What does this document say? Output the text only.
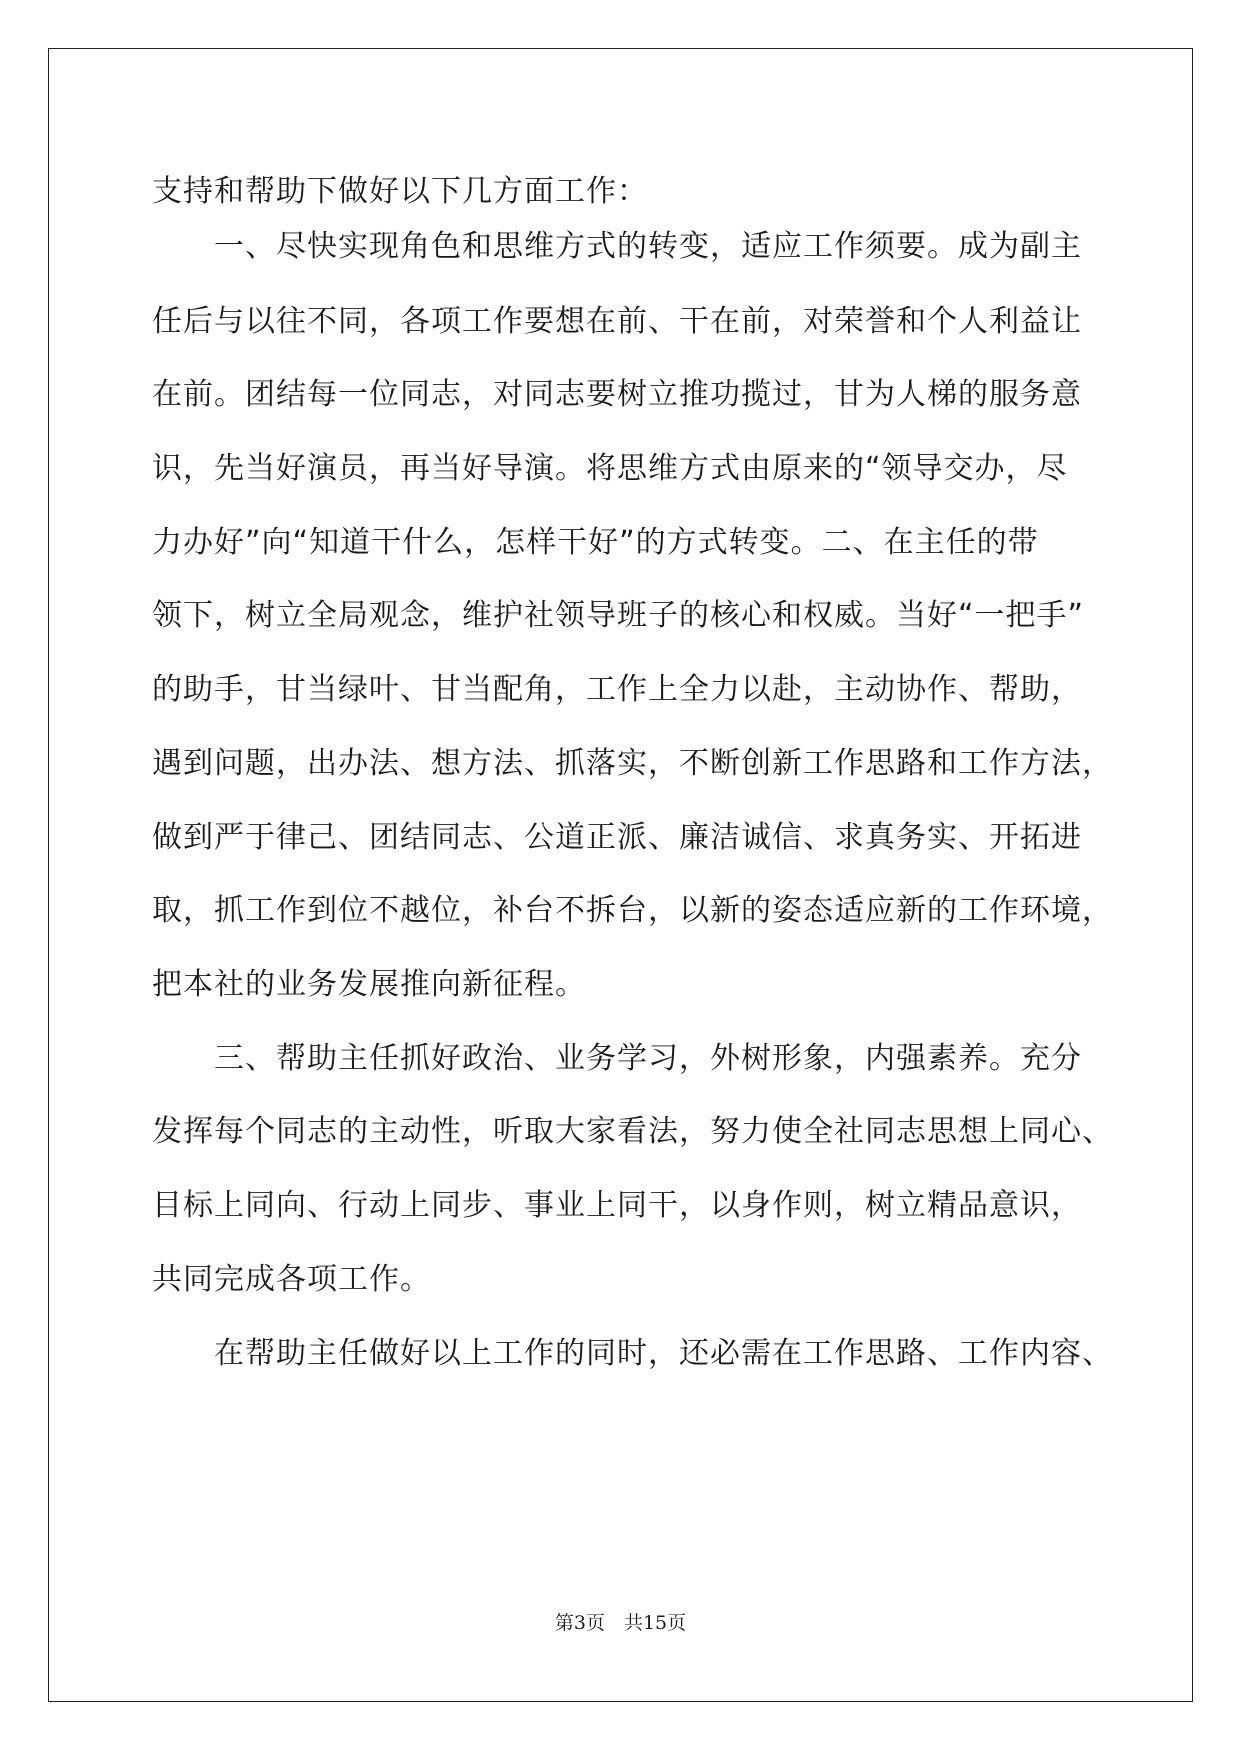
支持和帮助下做好以下几方面工作：
　　一、尽快实现角色和思维方式的转变，适应工作须要。成为副主
任后与以往不同，各项工作要想在前、干在前，对荣誉和个人利益让
在前。团结每一位同志，对同志要树立推功揽过，甘为人梯的服务意
识，先当好演员，再当好导演。将思维方式由原来的“领导交办，尽
力办好”向“知道干什么，怎样干好”的方式转变。二、在主任的带
领下，树立全局观念，维护社领导班子的核心和权威。当好“一把手”
的助手，甘当绿叶、甘当配角，工作上全力以赴，主动协作、帮助，
遇到问题，出办法、想方法、抓落实，不断创新工作思路和工作方法，
做到严于律己、团结同志、公道正派、廉洁诚信、求真务实、开拓进
取，抓工作到位不越位，补台不拆台，以新的姿态适应新的工作环境，
把本社的业务发展推向新征程。
　　三、帮助主任抓好政治、业务学习，外树形象，内强素养。充分
发挥每个同志的主动性，听取大家看法，努力使全社同志思想上同心、
目标上同向、行动上同步、事业上同干，以身作则，树立精品意识，
共同完成各项工作。
　　在帮助主任做好以上工作的同时，还必需在工作思路、工作内容、
第3页　共15页
